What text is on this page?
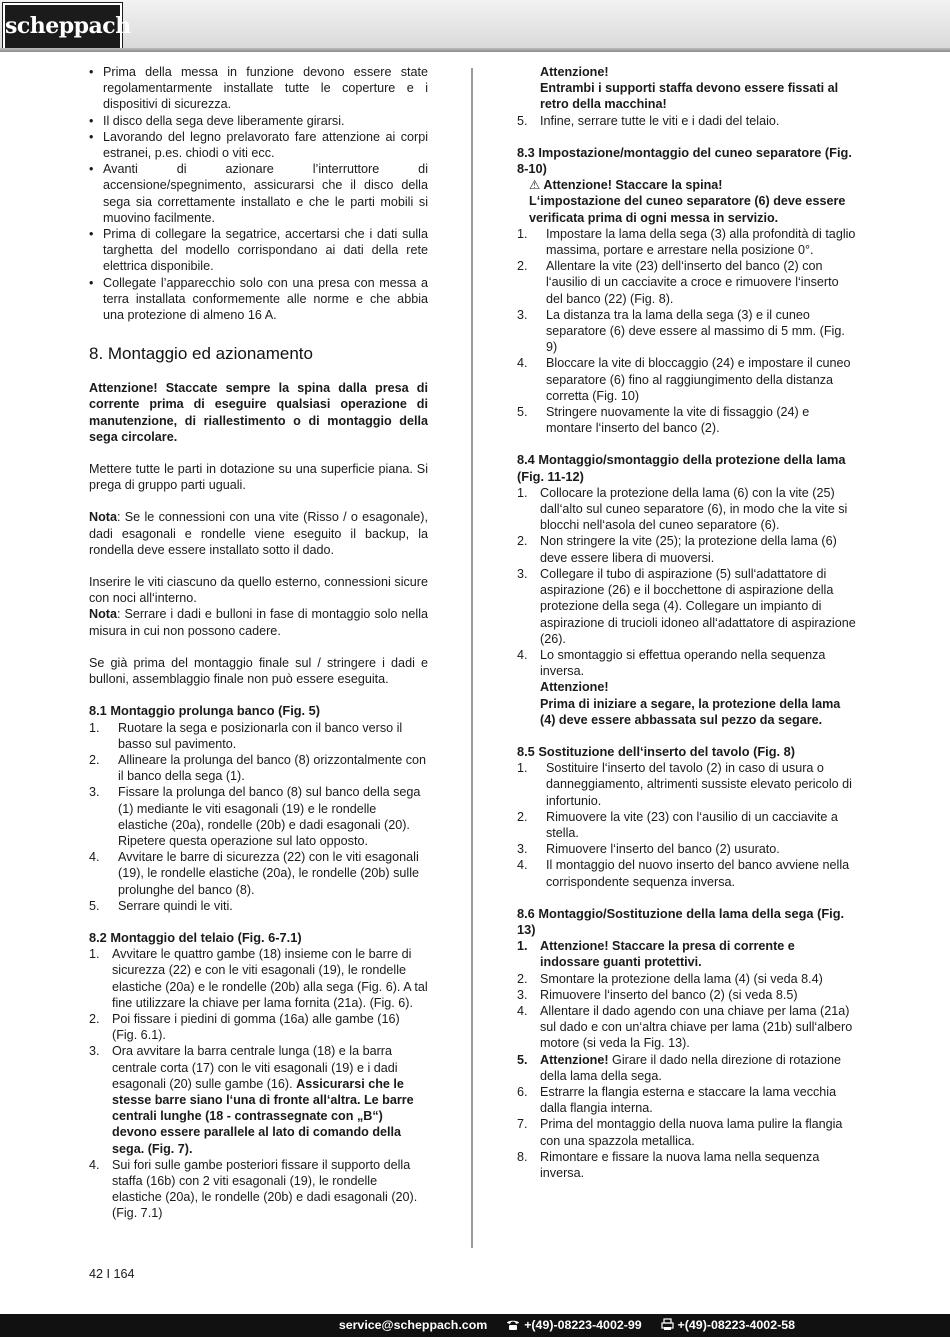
scheppach
• Prima della messa in funzione devono essere state regolamentarmente installate tutte le coperture e i dispositivi di sicurezza.
• Il disco della sega deve liberamente girarsi.
• Lavorando del legno prelavorato fare attenzione ai corpi estranei, p.es. chiodi o viti ecc.
• Avanti di azionare l’interruttore di accensione/spegnimento, assicurarsi che il disco della sega sia correttamente installato e che le parti mobili si muovino facilmente.
• Prima di collegare la segatrice, accertarsi che i dati sulla targhetta del modello corrispondano ai dati della rete elettrica disponibile.
• Collegate l’apparecchio solo con una presa con messa a terra installata conformemente alle norme e che abbia una protezione di almeno 16 A.
8. Montaggio ed azionamento

Attenzione! Staccate sempre la spina dalla presa di corrente prima di eseguire qualsiasi operazione di manutenzione, di riallestimento o di montaggio della sega circolare.

Mettere tutte le parti in dotazione su una superficie piana. Si prega di gruppo parti uguali.

Nota: Se le connessioni con una vite (Risso / o esagonale), dadi esagonali e rondelle viene eseguito il backup, la rondella deve essere installato sotto il dado.

Inserire le viti ciascuno da quello esterno, connessioni sicure con noci all‘interno.

Nota: Serrare i dadi e bulloni in fase di montaggio solo nella misura in cui non possono cadere.

Se già prima del montaggio finale sul / stringere i dadi e bulloni, assemblaggio finale non può essere eseguita.

8.1 Montaggio prolunga banco (Fig. 5)
1. Ruotare la sega e posizionarla con il banco verso il basso sul pavimento.
2. Allineare la prolunga del banco (8) orizzontalmente con il banco della sega (1).
3. Fissare la prolunga del banco (8) sul banco della sega (1) mediante le viti esagonali (19) e le rondelle elastiche (20a), rondelle (20b) e dadi esagonali (20). Ripetere questa operazione sul lato opposto.
4. Avvitare le barre di sicurezza (22) con le viti esagonali (19), le rondelle elastiche (20a), le rondelle (20b) sulle prolunghe del banco (8).
5. Serrare quindi le viti.
8.2 Montaggio del telaio (Fig. 6-7.1)
1. Avvitare le quattro gambe (18) insieme con le barre di sicurezza (22) e con le viti esagonali (19), le rondelle elastiche (20a) e le rondelle (20b) alla sega (Fig. 6). A tal fine utilizzare la chiave per lama fornita (21a). (Fig. 6).
2. Poi fissare i piedini di gomma (16a) alle gambe (16) (Fig. 6.1).
3. Ora avvitare la barra centrale lunga (18) e la barra centrale corta (17) con le viti esagonali (19) e i dadi esagonali (20) sulle gambe (16). Assicurarsi che le stesse barre siano l‘una di fronte all‘altra. Le barre centrali lunghe (18 - contrassegnate con „B“) devono essere parallele al lato di comando della sega. (Fig. 7).
4. Sui fori sulle gambe posteriori fissare il supporto della staffa (16b) con 2 viti esagonali (19), le rondelle elastiche (20a), le rondelle (20b) e dadi esagonali (20). (Fig. 7.1)

Attenzione!

Entrambi i supporti staffa devono essere fissati al retro della macchina!

5. Infine, serrare tutte le viti e i dadi del telaio.
8.3 Impostazione/montaggio del cuneo separatore (Fig. 8-10)

⚠ Attenzione! Staccare la spina!

L‘impostazione del cuneo separatore (6) deve essere verificata prima di ogni messa in servizio.

1. Impostare la lama della sega (3) alla profondità di taglio massima, portare e arrestare nella posizione 0°.
2. Allentare la vite (23) dell‘inserto del banco (2) con l‘ausilio di un cacciavite a croce e rimuovere l‘inserto del banco (22) (Fig. 8).
3. La distanza tra la lama della sega (3) e il cuneo separatore (6) deve essere al massimo di 5 mm. (Fig. 9)
4. Bloccare la vite di bloccaggio (24) e impostare il cuneo separatore (6) fino al raggiungimento della distanza corretta (Fig. 10)
5. Stringere nuovamente la vite di fissaggio (24) e montare l‘inserto del banco (2).
8.4 Montaggio/smontaggio della protezione della lama (Fig. 11-12)
1. Collocare la protezione della lama (6) con la vite (25) dall‘alto sul cuneo separatore (6), in modo che la vite si blocchi nell‘asola del cuneo separatore (6).
2. Non stringere la vite (25); la protezione della lama (6) deve essere libera di muoversi.
3. Collegare il tubo di aspirazione (5) sull‘adattatore di aspirazione (26) e il bocchettone di aspirazione della protezione della sega (4). Collegare un impianto di aspirazione di trucioli idoneo all‘adattatore di aspirazione (26).
4. Lo smontaggio si effettua operando nella sequenza inversa.

Attenzione!

Prima di iniziare a segare, la protezione della lama (4) deve essere abbassata sul pezzo da segare.

8.5 Sostituzione dell‘inserto del tavolo (Fig. 8)
1. Sostituire l‘inserto del tavolo (2) in caso di usura o danneggiamento, altrimenti sussiste elevato pericolo di infortunio.
2. Rimuovere la vite (23) con l‘ausilio di un cacciavite a stella.
3. Rimuovere l‘inserto del banco (2) usurato.
4. Il montaggio del nuovo inserto del banco avviene nella corrispondente sequenza inversa.
8.6 Montaggio/Sostituzione della lama della sega (Fig. 13)
1. Attenzione! Staccare la presa di corrente e indossare guanti protettivi.
2. Smontare la protezione della lama (4) (si veda 8.4)
3. Rimuovere l‘inserto del banco (2) (si veda 8.5)
4. Allentare il dado agendo con una chiave per lama (21a) sul dado e con un‘altra chiave per lama (21b) sull‘albero motore (si veda la Fig. 13).
5. Attenzione! Girare il dado nella direzione di rotazione della lama della sega.
6. Estrarre la flangia esterna e staccare la lama vecchia dalla flangia interna.
7. Prima del montaggio della nuova lama pulire la flangia con una spazzola metallica.
8. Rimontare e fissare la nuova lama nella sequenza inversa.
42 I 164
service@scheppach.com	+(49)-08223-4002-99	+(49)-08223-4002-58
